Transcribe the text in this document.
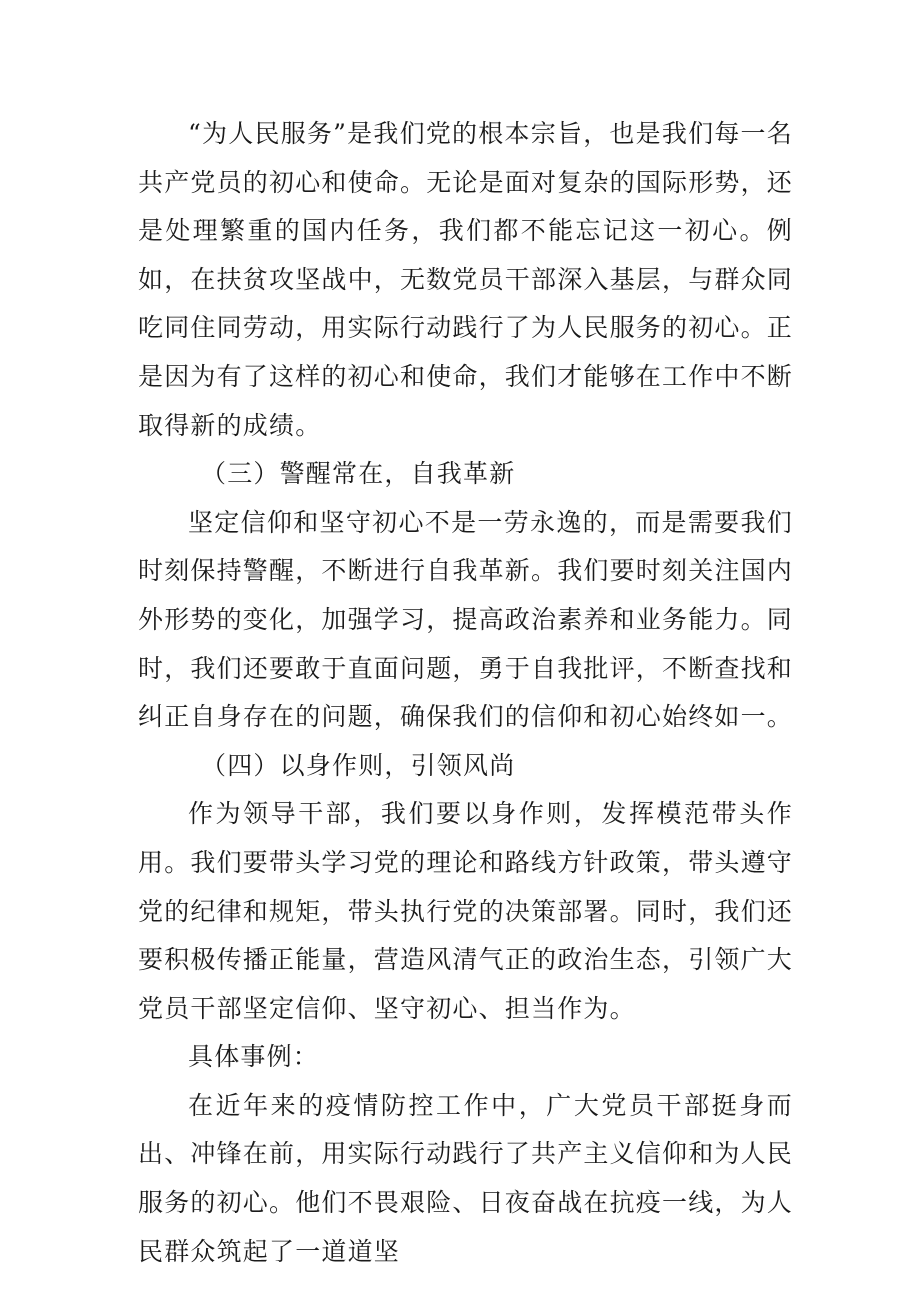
“为人民服务”是我们党的根本宗旨，也是我们每一名共产党员的初心和使命。无论是面对复杂的国际形势，还是处理繁重的国内任务，我们都不能忘记这一初心。例如，在扶贫攻坚战中，无数党员干部深入基层，与群众同吃同住同劳动，用实际行动践行了为人民服务的初心。正是因为有了这样的初心和使命，我们才能够在工作中不断取得新的成绩。

（三）警醒常在，自我革新

坚定信仰和坚守初心不是一劳永逸的，而是需要我们时刻保持警醒，不断进行自我革新。我们要时刻关注国内外形势的变化，加强学习，提高政治素养和业务能力。同时，我们还要敢于直面问题，勇于自我批评，不断查找和纠正自身存在的问题，确保我们的信仰和初心始终如一。

（四）以身作则，引领风尚

作为领导干部，我们要以身作则，发挥模范带头作用。我们要带头学习党的理论和路线方针政策，带头遵守党的纪律和规矩，带头执行党的决策部署。同时，我们还要积极传播正能量，营造风清气正的政治生态，引领广大党员干部坚定信仰、坚守初心、担当作为。

具体事例：

在近年来的疫情防控工作中，广大党员干部挺身而出、冲锋在前，用实际行动践行了共产主义信仰和为人民服务的初心。他们不畏艰险、日夜奋战在抗疫一线，为人民群众筑起了一道道坚
